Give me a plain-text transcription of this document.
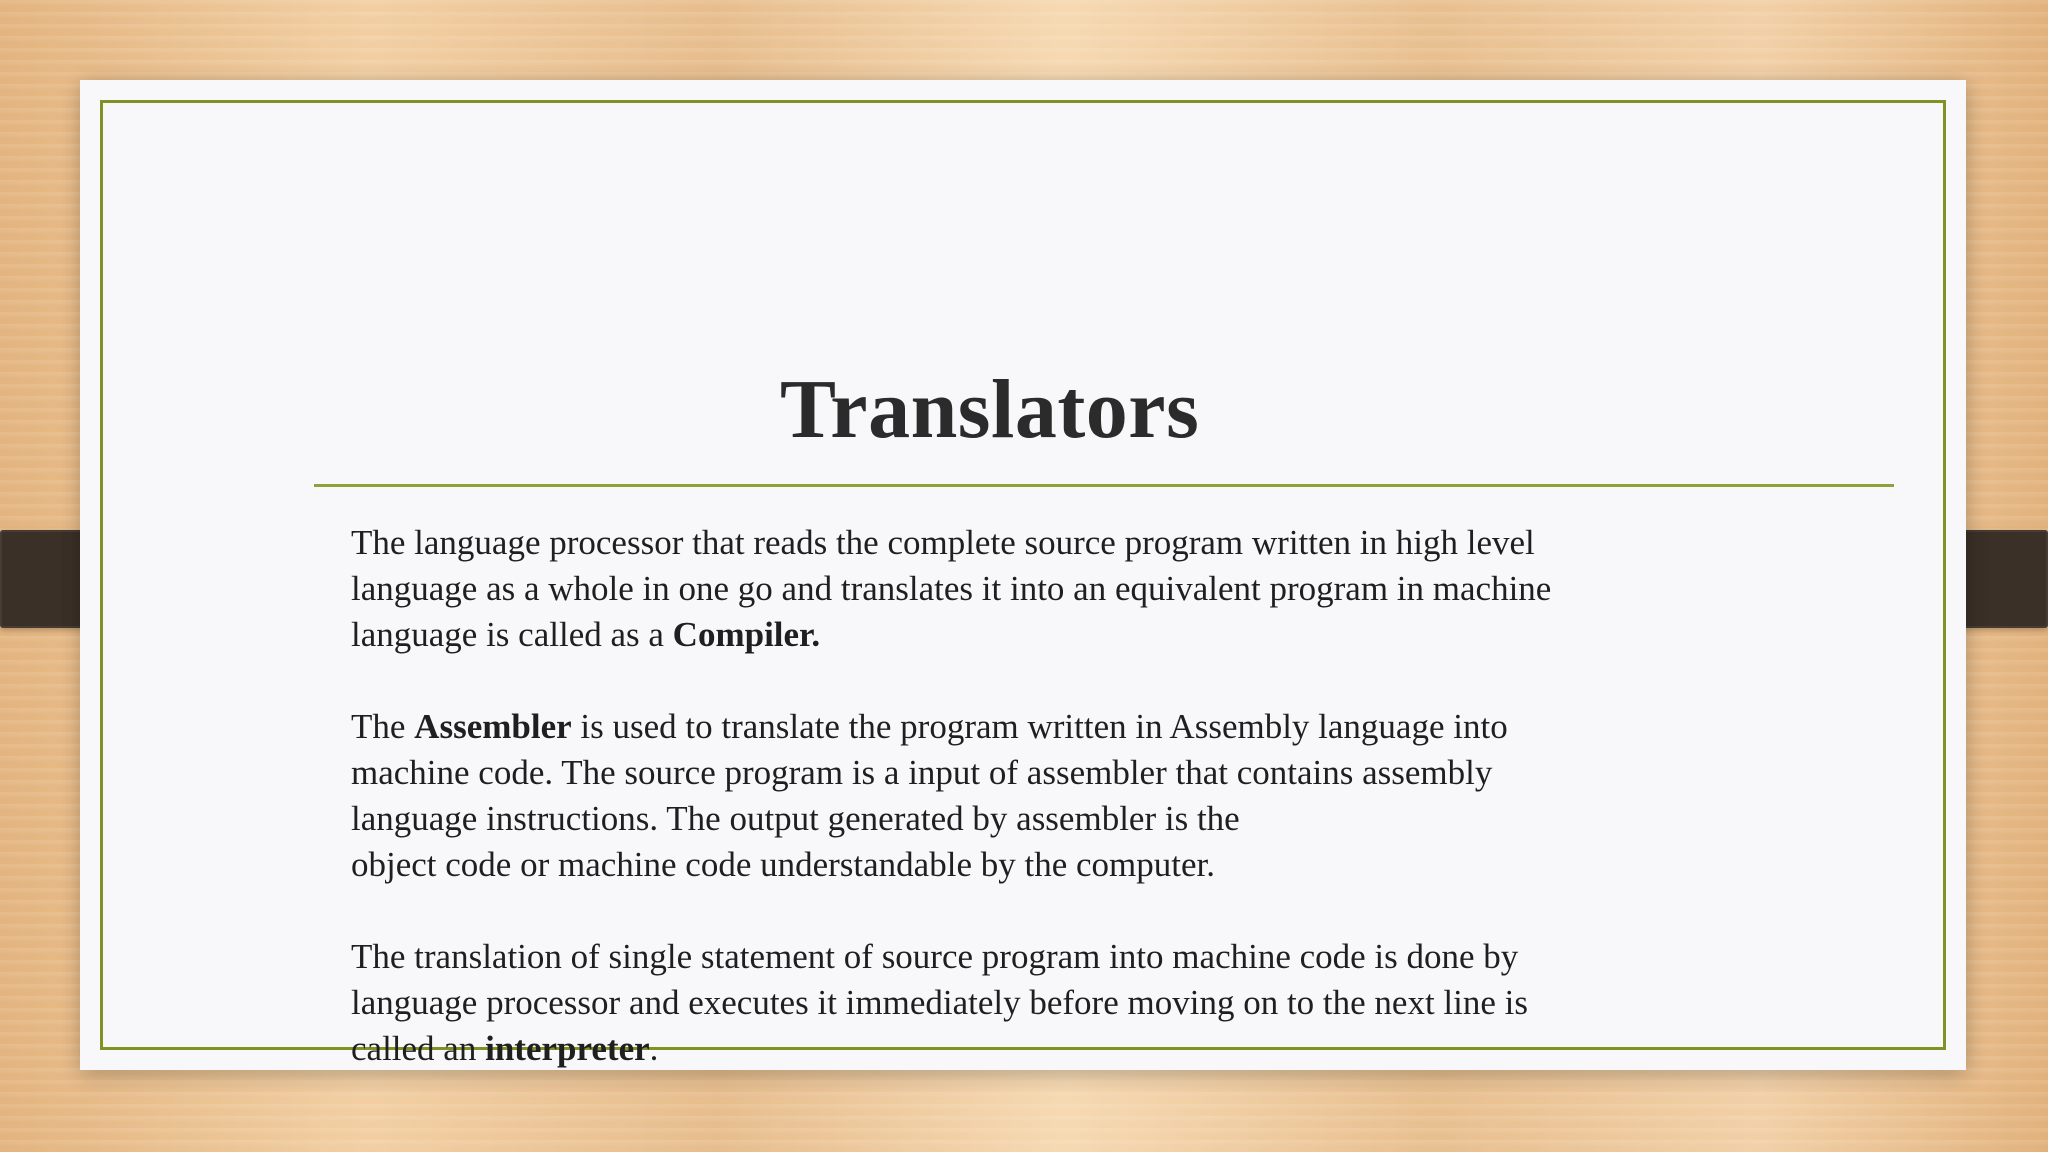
Translators

The language processor that reads the complete source program written in high level
language as a whole in one go and translates it into an equivalent program in machine
language is called as a Compiler.

The Assembler is used to translate the program written in Assembly language into
machine code. The source program is a input of assembler that contains assembly
language instructions. The output generated by assembler is the
object code or machine code understandable by the computer.

The translation of single statement of source program into machine code is done by
language processor and executes it immediately before moving on to the next line is
called an interpreter.
